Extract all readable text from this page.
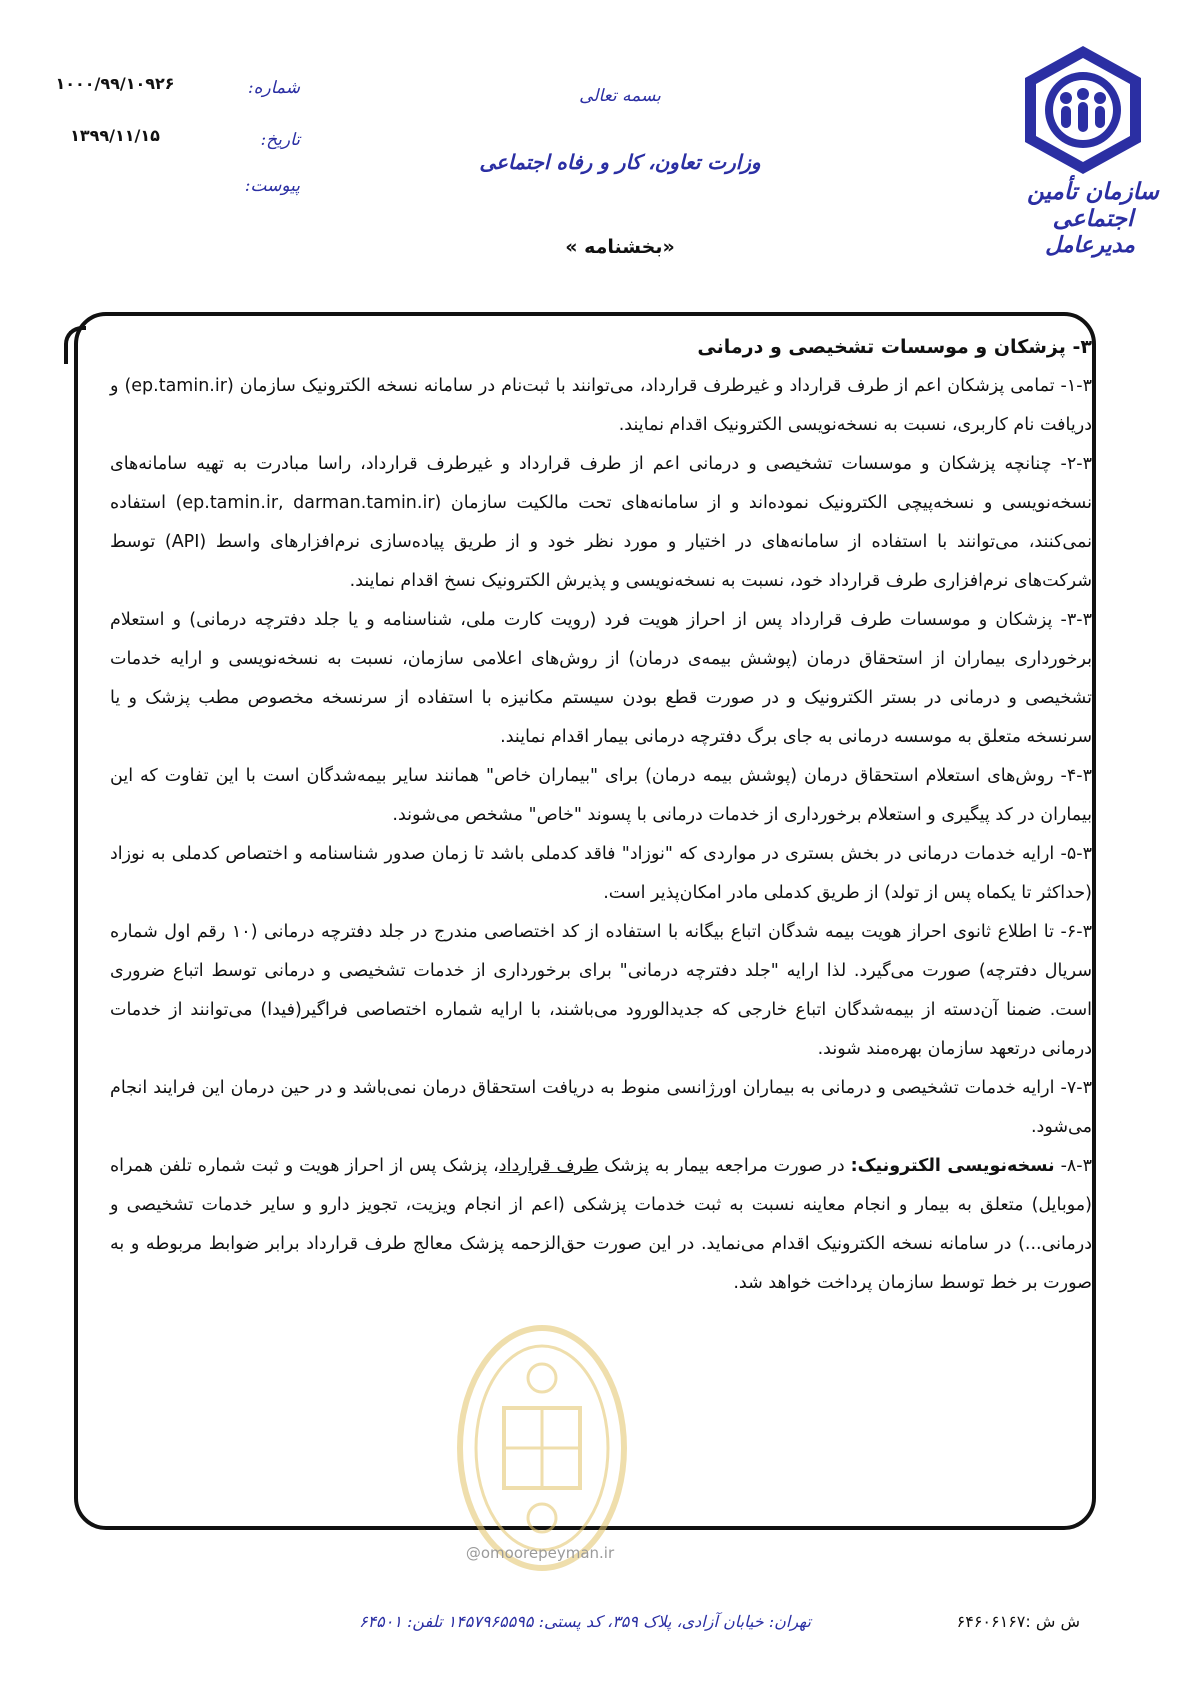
سازمان تأمین اجتماعی
مدیرعامل
بسمه تعالی
وزارت تعاون، کار و رفاه اجتماعی
«بخشنامه »
شماره:
۱۰۰۰/۹۹/۱۰۹۲۶
تاریخ:
۱۳۹۹/۱۱/۱۵
پیوست:

۳- پزشکان و موسسات تشخیصی و درمانی

۱-۳- تمامی پزشکان اعم از طرف قرارداد و غیرطرف قرارداد، می‌توانند با ثبت‌نام در سامانه نسخه الکترونیک سازمان (ep.tamin.ir) و دریافت نام کاربری، نسبت به نسخه‌نویسی الکترونیک اقدام نمایند.

۲-۳- چنانچه پزشکان و موسسات تشخیصی و درمانی اعم از طرف قرارداد و غیرطرف قرارداد، راسا مبادرت به تهیه سامانه‌های نسخه‌نویسی و نسخه‌پیچی الکترونیک نموده‌اند و از سامانه‌های تحت مالکیت سازمان (ep.tamin.ir, darman.tamin.ir) استفاده نمی‌کنند، می‌توانند با استفاده از سامانه‌های در اختیار و مورد نظر خود و از طریق پیاده‌سازی نرم‌افزارهای واسط (API) توسط شرکت‌های نرم‌افزاری طرف قرارداد خود، نسبت به نسخه‌نویسی و پذیرش الکترونیک نسخ اقدام نمایند.

۳-۳- پزشکان و موسسات طرف قرارداد پس از احراز هویت فرد (رویت کارت ملی، شناسنامه و یا جلد دفترچه درمانی) و استعلام برخورداری بیماران از استحقاق درمان (پوشش بیمه‌ی درمان) از روش‌های اعلامی سازمان، نسبت به نسخه‌نویسی و ارایه خدمات تشخیصی و درمانی در بستر الکترونیک و در صورت قطع بودن سیستم مکانیزه با استفاده از سرنسخه مخصوص مطب پزشک و یا سرنسخه متعلق به موسسه درمانی به جای برگ دفترچه درمانی بیمار اقدام نمایند.

۴-۳- روش‌های استعلام استحقاق درمان (پوشش بیمه درمان) برای "بیماران خاص" همانند سایر بیمه‌شدگان است با این تفاوت که این بیماران در کد پیگیری و استعلام برخورداری از خدمات درمانی با پسوند "خاص" مشخص می‌شوند.

۵-۳- ارایه خدمات درمانی در بخش بستری در مواردی که "نوزاد" فاقد کدملی باشد تا زمان صدور شناسنامه و اختصاص کدملی به نوزاد (حداکثر تا یکماه پس از تولد) از طریق کدملی مادر امکان‌پذیر است.

۶-۳- تا اطلاع ثانوی احراز هویت بیمه شدگان اتباع بیگانه با استفاده از کد اختصاصی مندرج در جلد دفترچه درمانی (۱۰ رقم اول شماره سریال دفترچه) صورت می‌گیرد. لذا ارایه "جلد دفترچه درمانی" برای برخورداری از خدمات تشخیصی و درمانی توسط اتباع ضروری است. ضمنا آن‌دسته از بیمه‌شدگان اتباع خارجی که جدیدالورود می‌باشند، با ارایه شماره اختصاصی فراگیر(فیدا) می‌توانند از خدمات درمانی درتعهد سازمان بهره‌مند شوند.

۷-۳- ارایه خدمات تشخیصی و درمانی به بیماران اورژانسی منوط به دریافت استحقاق درمان نمی‌باشد و در حین درمان این فرایند انجام می‌شود.

۸-۳- نسخه‌نویسی الکترونیک: در صورت مراجعه بیمار به پزشک طرف قرارداد، پزشک پس از احراز هویت و ثبت شماره تلفن همراه (موبایل) متعلق به بیمار و انجام معاینه نسبت به ثبت خدمات پزشکی (اعم از انجام ویزیت، تجویز دارو و سایر خدمات تشخیصی و درمانی...) در سامانه نسخه الکترونیک اقدام می‌نماید. در این صورت حق‌الزحمه پزشک معالج طرف قرارداد برابر ضوابط مربوطه و به صورت بر خط توسط سازمان پرداخت خواهد شد.

@omoorepeyman.ir
تهران: خیابان آزادی، پلاک ۳۵۹، کد پستی: ۱۴۵۷۹۶۵۵۹۵ تلفن: ۶۴۵۰۱	ش ش :۶۴۶۰۶۱۶۷
